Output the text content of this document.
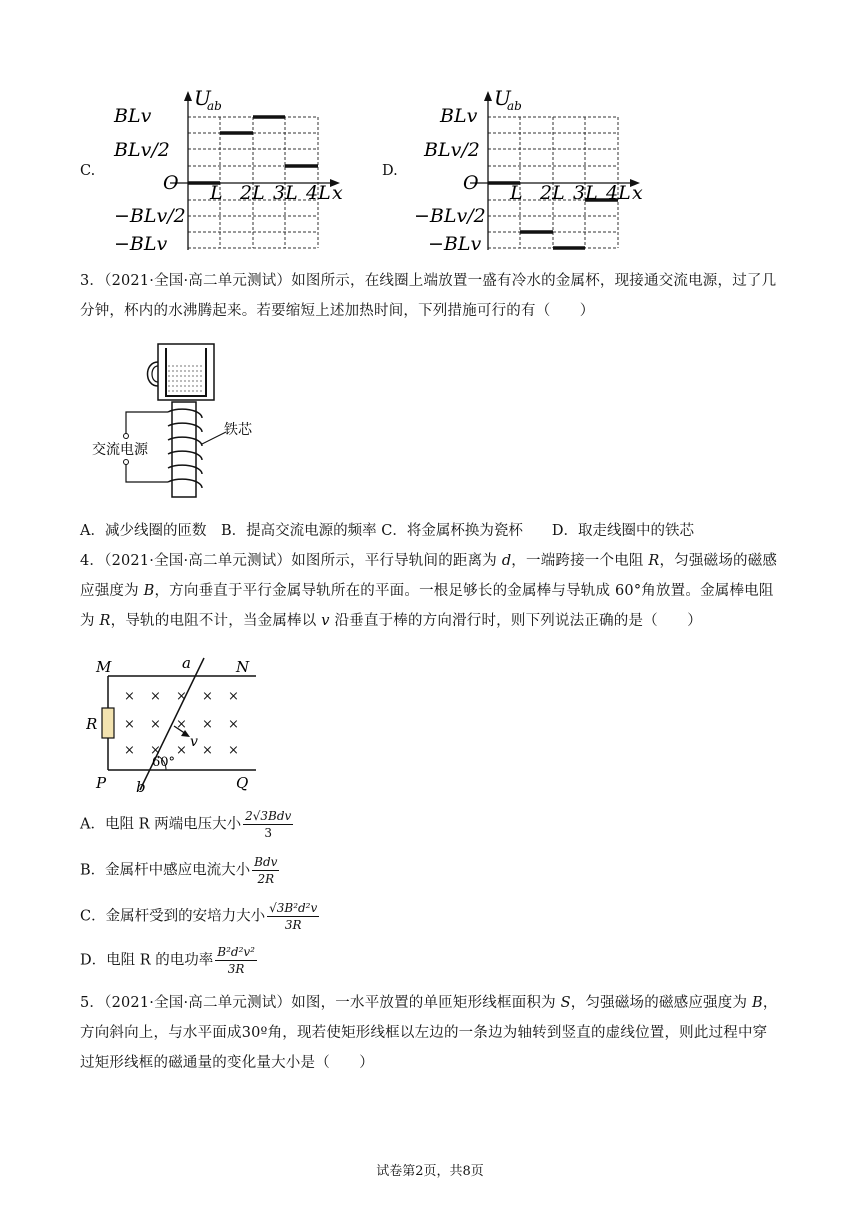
C.
U
ab
BLv
BLv/2
O
−BLv/2
−BLv
L 2L 3L 4L x
D.
U
ab
BLv
BLv/2
O
−BLv/2
−BLv
L 2L 3L 4L x
3．（2021·全国·高二单元测试）如图所示，在线圈上端放置一盛有冷水的金属杯，现接通交流电源，过了几分钟，杯内的水沸腾起来。若要缩短上述加热时间，下列措施可行的有（　　）
交流电源
铁芯
A．减少线圈的匝数　B．提高交流电源的频率 C．将金属杯换为瓷杯　　D．取走线圈中的铁芯
4．（2021·全国·高二单元测试）如图所示，平行导轨间的距离为 d，一端跨接一个电阻 R，匀强磁场的磁感应强度为 B，方向垂直于平行金属导轨所在的平面。一根足够长的金属棒与导轨成 60°角放置。金属棒电阻为 R，导轨的电阻不计，当金属棒以 v 沿垂直于棒的方向滑行时，则下列说法正确的是（　　）
× × × × ×
× × × × ×
× × × × ×
M	a	N
R
v
60°
P b	Q
A．电阻 R 两端电压大小 $\frac{\text{2√3Bdv}}{3}$
B．金属杆中感应电流大小 $\frac{\text{Bdv}}{2R}$
C．金属杆受到的安培力大小 $\frac{\text{√3B²d²v}}{3R}$
D．电阻 R 的电功率 $\frac{\text{B²d²v²}}{3R}$
5．（2021·全国·高二单元测试）如图，一水平放置的单匝矩形线框面积为 S，匀强磁场的磁感应强度为 B，方向斜向上，与水平面成30º角，现若使矩形线框以左边的一条边为轴转到竖直的虚线位置，则此过程中穿过矩形线框的磁通量的变化量大小是（　　）
试卷第2页，共8页
